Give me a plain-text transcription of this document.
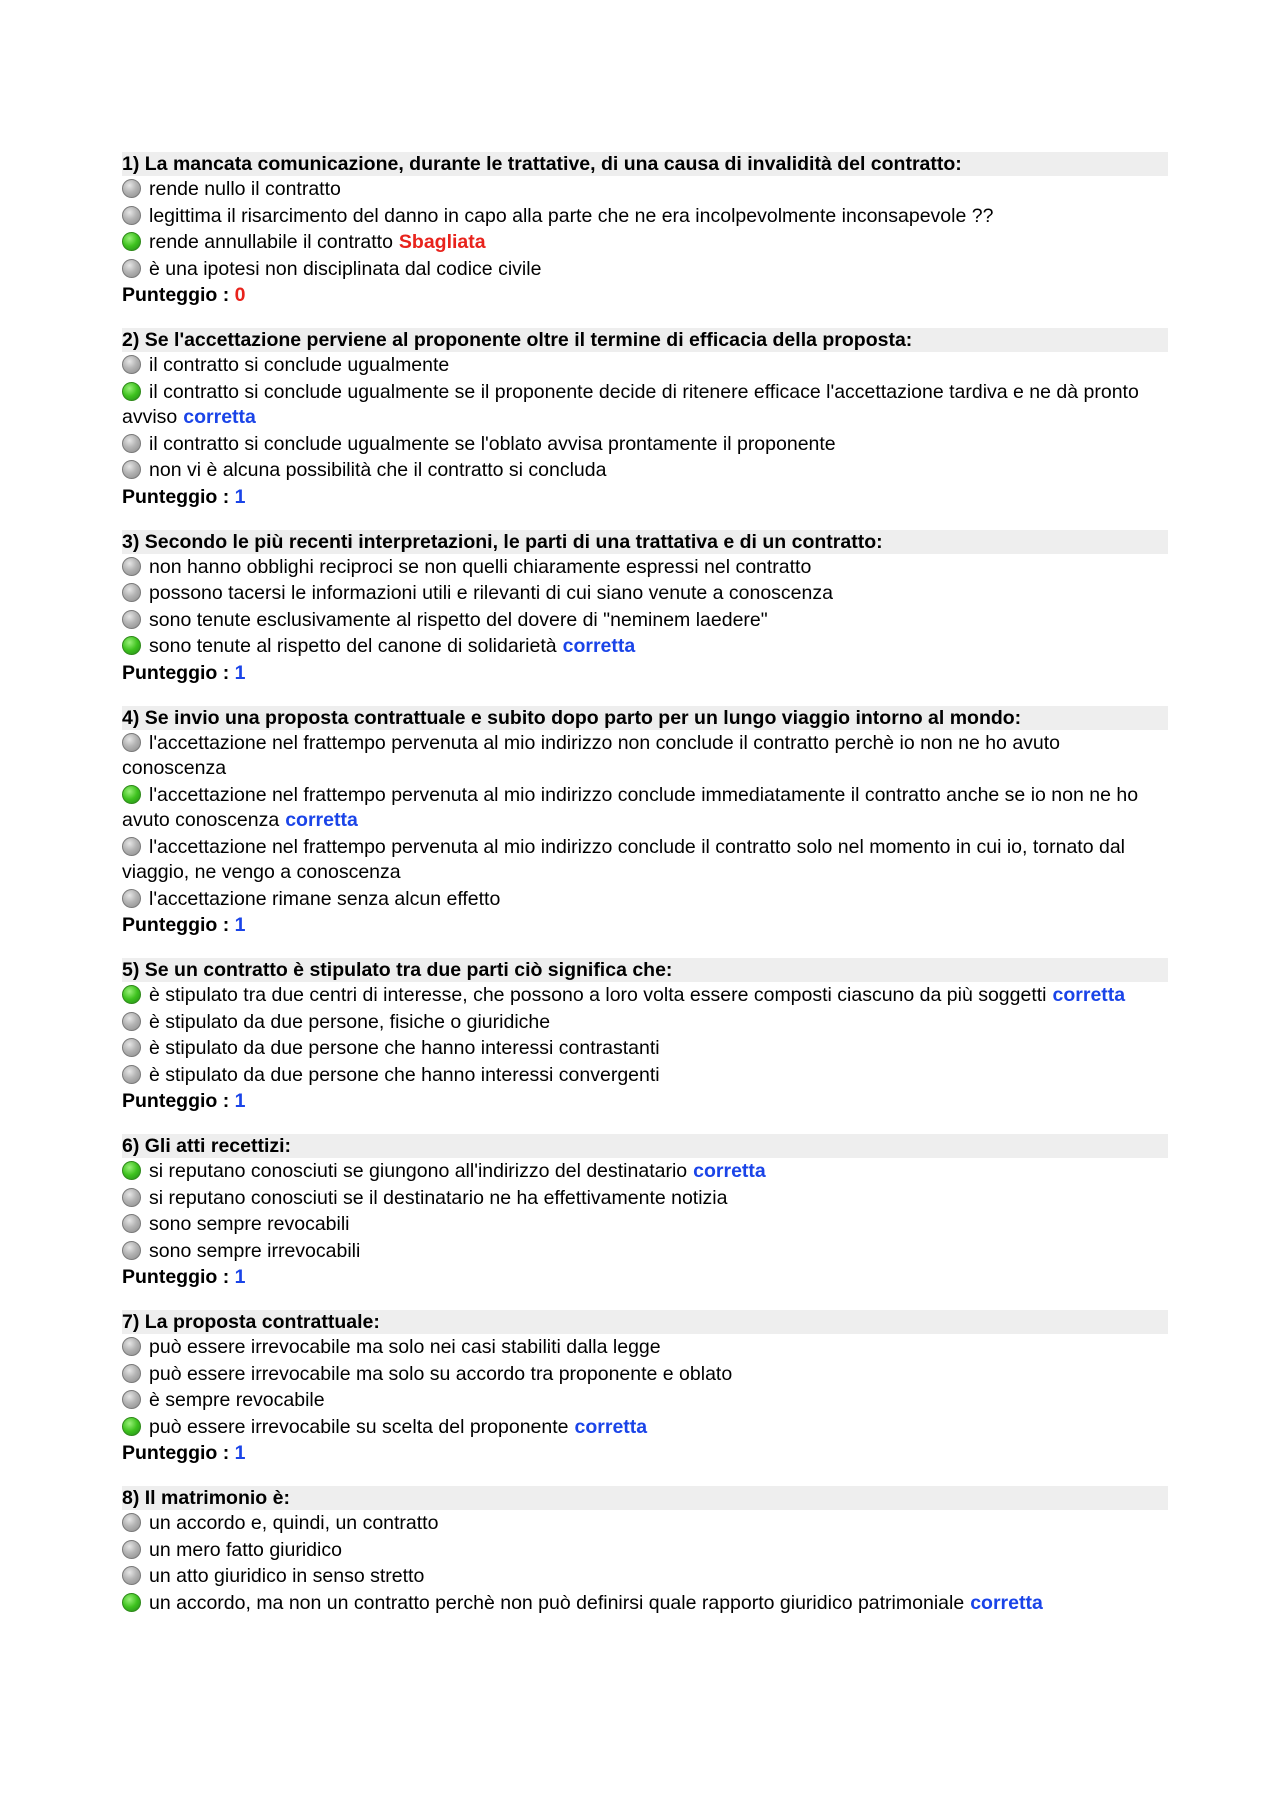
1) La mancata comunicazione, durante le trattative, di una causa di invalidità del contratto:
rende nullo il contratto
legittima il risarcimento del danno in capo alla parte che ne era incolpevolmente inconsapevole ??
rende annullabile il contratto Sbagliata
è una ipotesi non disciplinata dal codice civile
Punteggio : 0
2) Se l'accettazione perviene al proponente oltre il termine di efficacia della proposta:
il contratto si conclude ugualmente
il contratto si conclude ugualmente se il proponente decide di ritenere efficace l'accettazione tardiva e ne dà pronto avviso corretta
il contratto si conclude ugualmente se l'oblato avvisa prontamente il proponente
non vi è alcuna possibilità che il contratto si concluda
Punteggio : 1
3) Secondo le più recenti interpretazioni, le parti di una trattativa e di un contratto:
non hanno obblighi reciproci se non quelli chiaramente espressi nel contratto
possono tacersi le informazioni utili e rilevanti di cui siano venute a conoscenza
sono tenute esclusivamente al rispetto del dovere di "neminem laedere"
sono tenute al rispetto del canone di solidarietà corretta
Punteggio : 1
4) Se invio una proposta contrattuale e subito dopo parto per un lungo viaggio intorno al mondo:
l'accettazione nel frattempo pervenuta al mio indirizzo non conclude il contratto perchè io non ne ho avuto conoscenza
l'accettazione nel frattempo pervenuta al mio indirizzo conclude immediatamente il contratto anche se io non ne ho avuto conoscenza corretta
l'accettazione nel frattempo pervenuta al mio indirizzo conclude il contratto solo nel momento in cui io, tornato dal viaggio, ne vengo a conoscenza
l'accettazione rimane senza alcun effetto
Punteggio : 1
5) Se un contratto è stipulato tra due parti ciò significa che:
è stipulato tra due centri di interesse, che possono a loro volta essere composti ciascuno da più soggetti corretta
è stipulato da due persone, fisiche o giuridiche
è stipulato da due persone che hanno interessi contrastanti
è stipulato da due persone che hanno interessi convergenti
Punteggio : 1
6) Gli atti recettizi:
si reputano conosciuti se giungono all'indirizzo del destinatario corretta
si reputano conosciuti se il destinatario ne ha effettivamente notizia
sono sempre revocabili
sono sempre irrevocabili
Punteggio : 1
7) La proposta contrattuale:
può essere irrevocabile ma solo nei casi stabiliti dalla legge
può essere irrevocabile ma solo su accordo tra proponente e oblato
è sempre revocabile
può essere irrevocabile su scelta del proponente corretta
Punteggio : 1
8) Il matrimonio è:
un accordo e, quindi, un contratto
un mero fatto giuridico
un atto giuridico in senso stretto
un accordo, ma non un contratto perchè non può definirsi quale rapporto giuridico patrimoniale corretta
